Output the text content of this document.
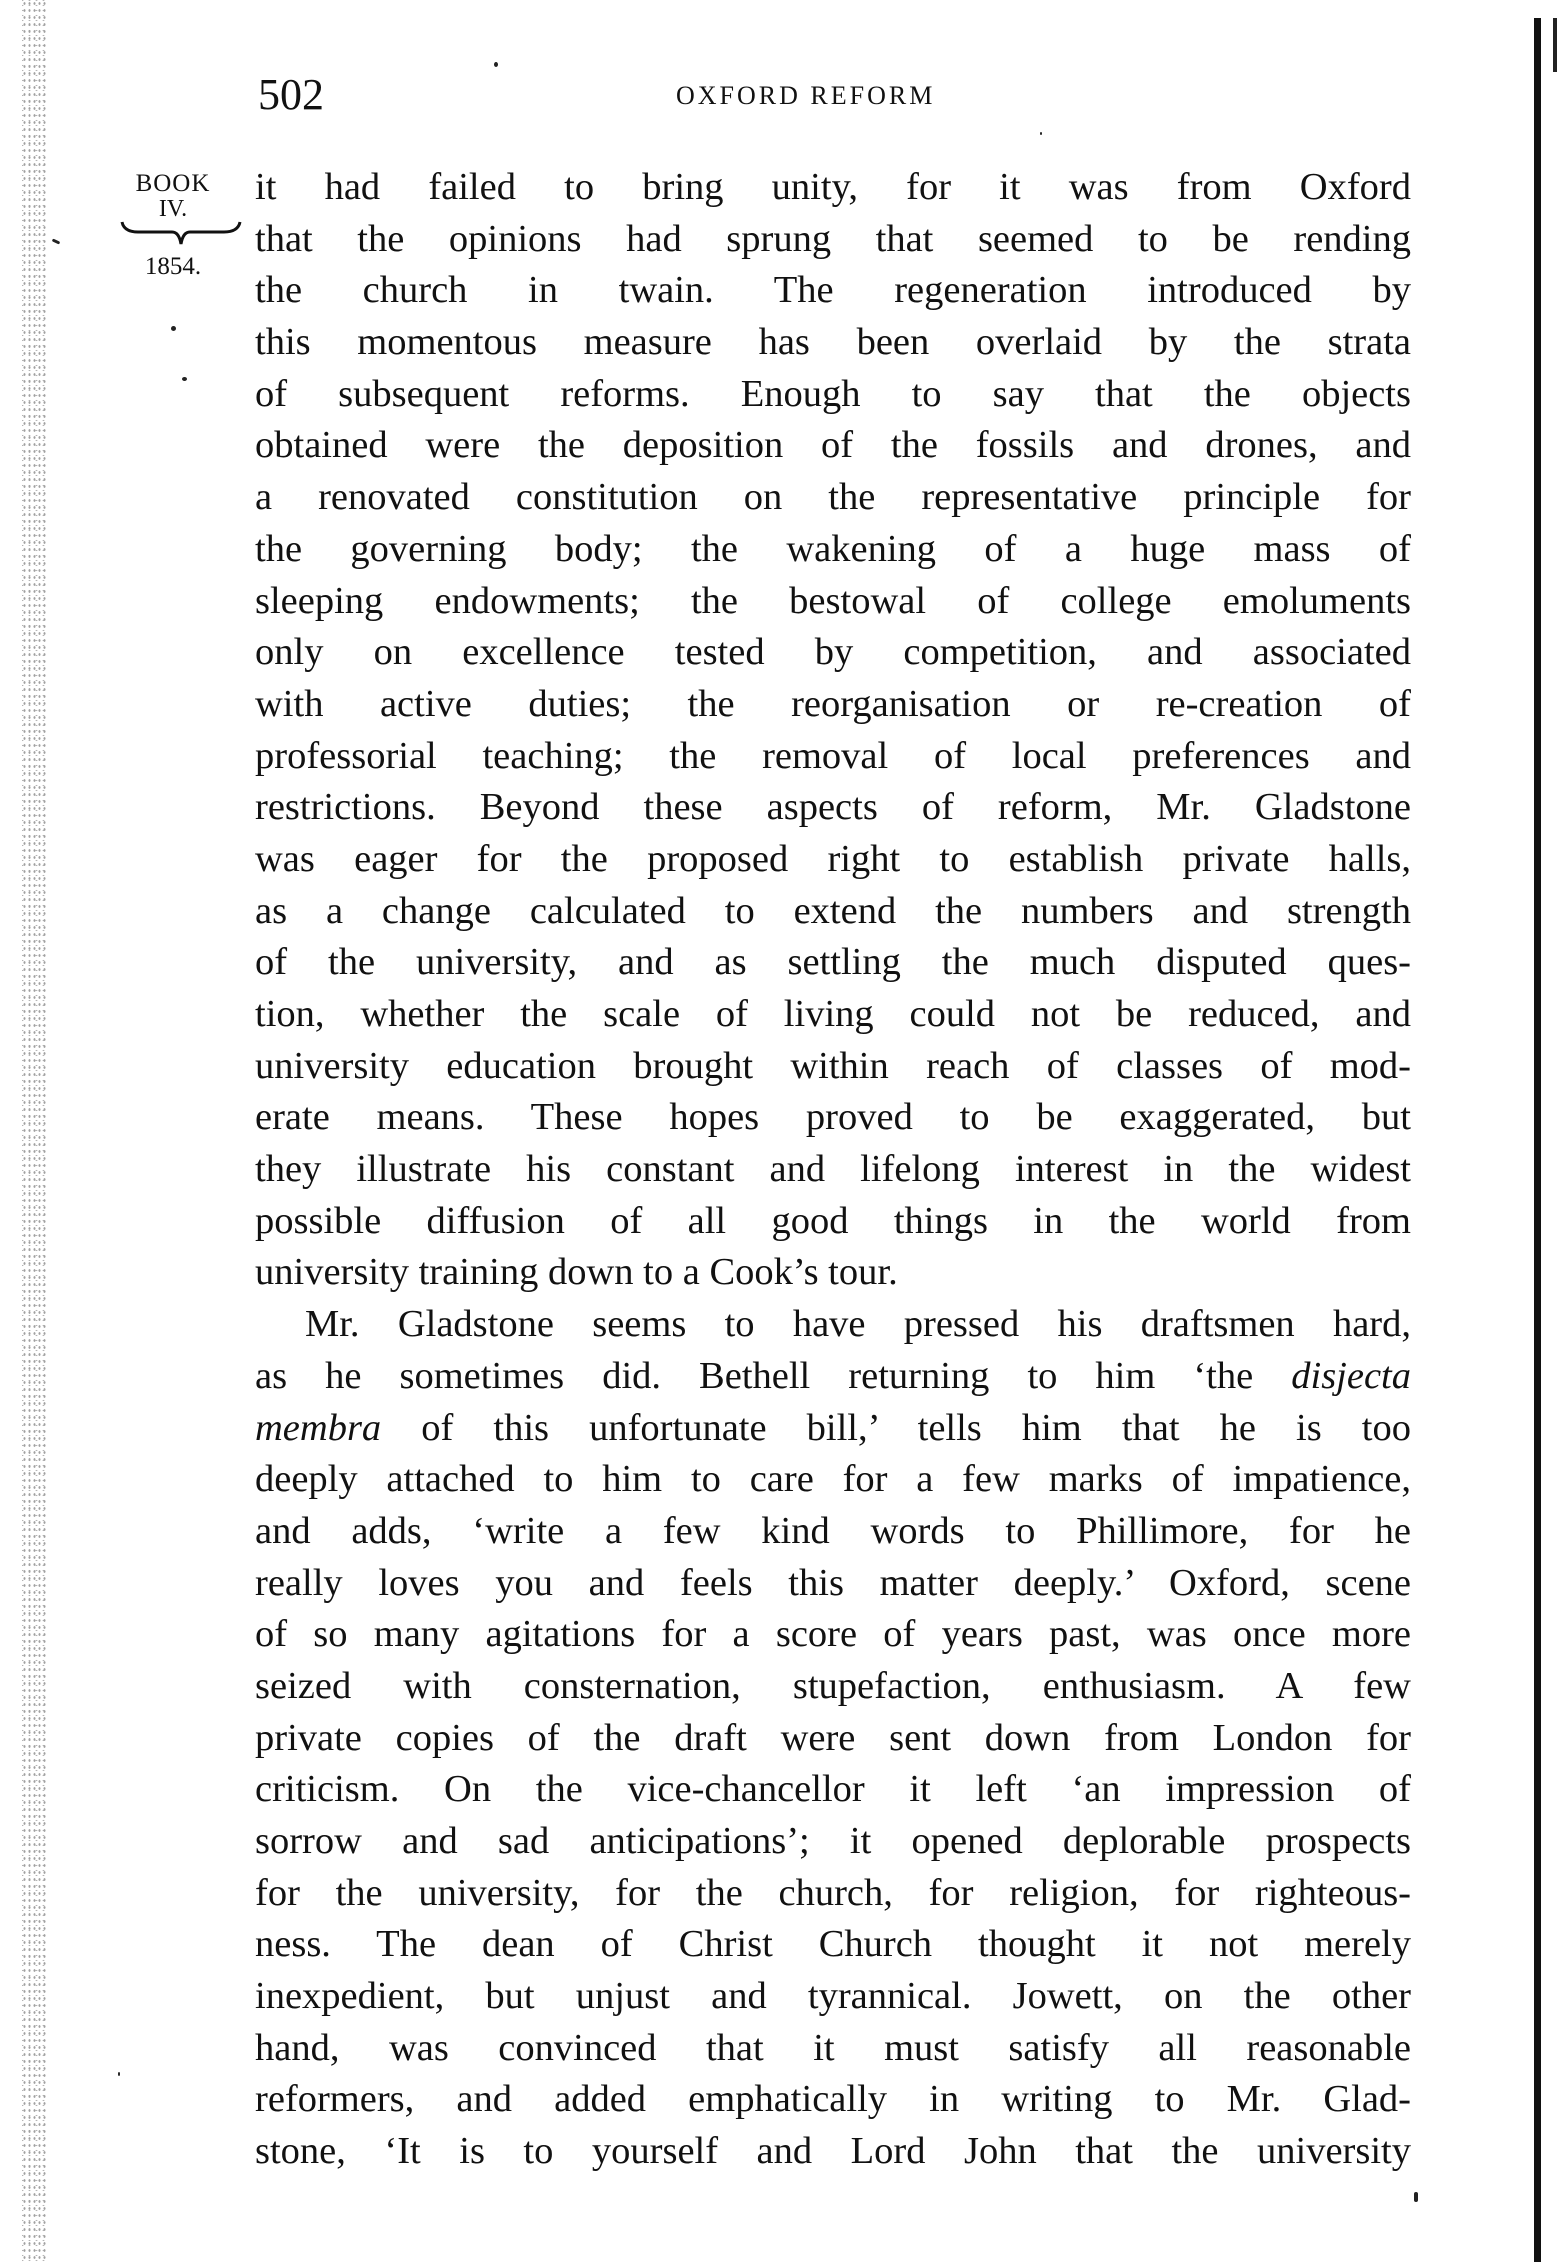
502	OXFORD REFORM
BOOK
IV.
1854.
it had failed to bring unity, for it was from Oxford
that the opinions had sprung that seemed to be rending
the church in twain. The regeneration introduced by
this momentous measure has been overlaid by the strata
of subsequent reforms. Enough to say that the objects
obtained were the deposition of the fossils and drones, and
a renovated constitution on the representative principle for
the governing body; the wakening of a huge mass of
sleeping endowments; the bestowal of college emoluments
only on excellence tested by competition, and associated
with active duties; the reorganisation or re-creation of
professorial teaching; the removal of local preferences and
restrictions. Beyond these aspects of reform, Mr. Gladstone
was eager for the proposed right to establish private halls,
as a change calculated to extend the numbers and strength
of the university, and as settling the much disputed ques-
tion, whether the scale of living could not be reduced, and
university education brought within reach of classes of mod-
erate means. These hopes proved to be exaggerated, but
they illustrate his constant and lifelong interest in the widest
possible diffusion of all good things in the world from
university training down to a Cook’s tour.
Mr. Gladstone seems to have pressed his draftsmen hard,
as he sometimes did. Bethell returning to him ‘the disjecta
membra of this unfortunate bill,’ tells him that he is too
deeply attached to him to care for a few marks of impatience,
and adds, ‘write a few kind words to Phillimore, for he
really loves you and feels this matter deeply.’ Oxford, scene
of so many agitations for a score of years past, was once more
seized with consternation, stupefaction, enthusiasm. A few
private copies of the draft were sent down from London for
criticism. On the vice-chancellor it left ‘an impression of
sorrow and sad anticipations’; it opened deplorable prospects
for the university, for the church, for religion, for righteous-
ness. The dean of Christ Church thought it not merely
inexpedient, but unjust and tyrannical. Jowett, on the other
hand, was convinced that it must satisfy all reasonable
reformers, and added emphatically in writing to Mr. Glad-
stone, ‘It is to yourself and Lord John that the university
